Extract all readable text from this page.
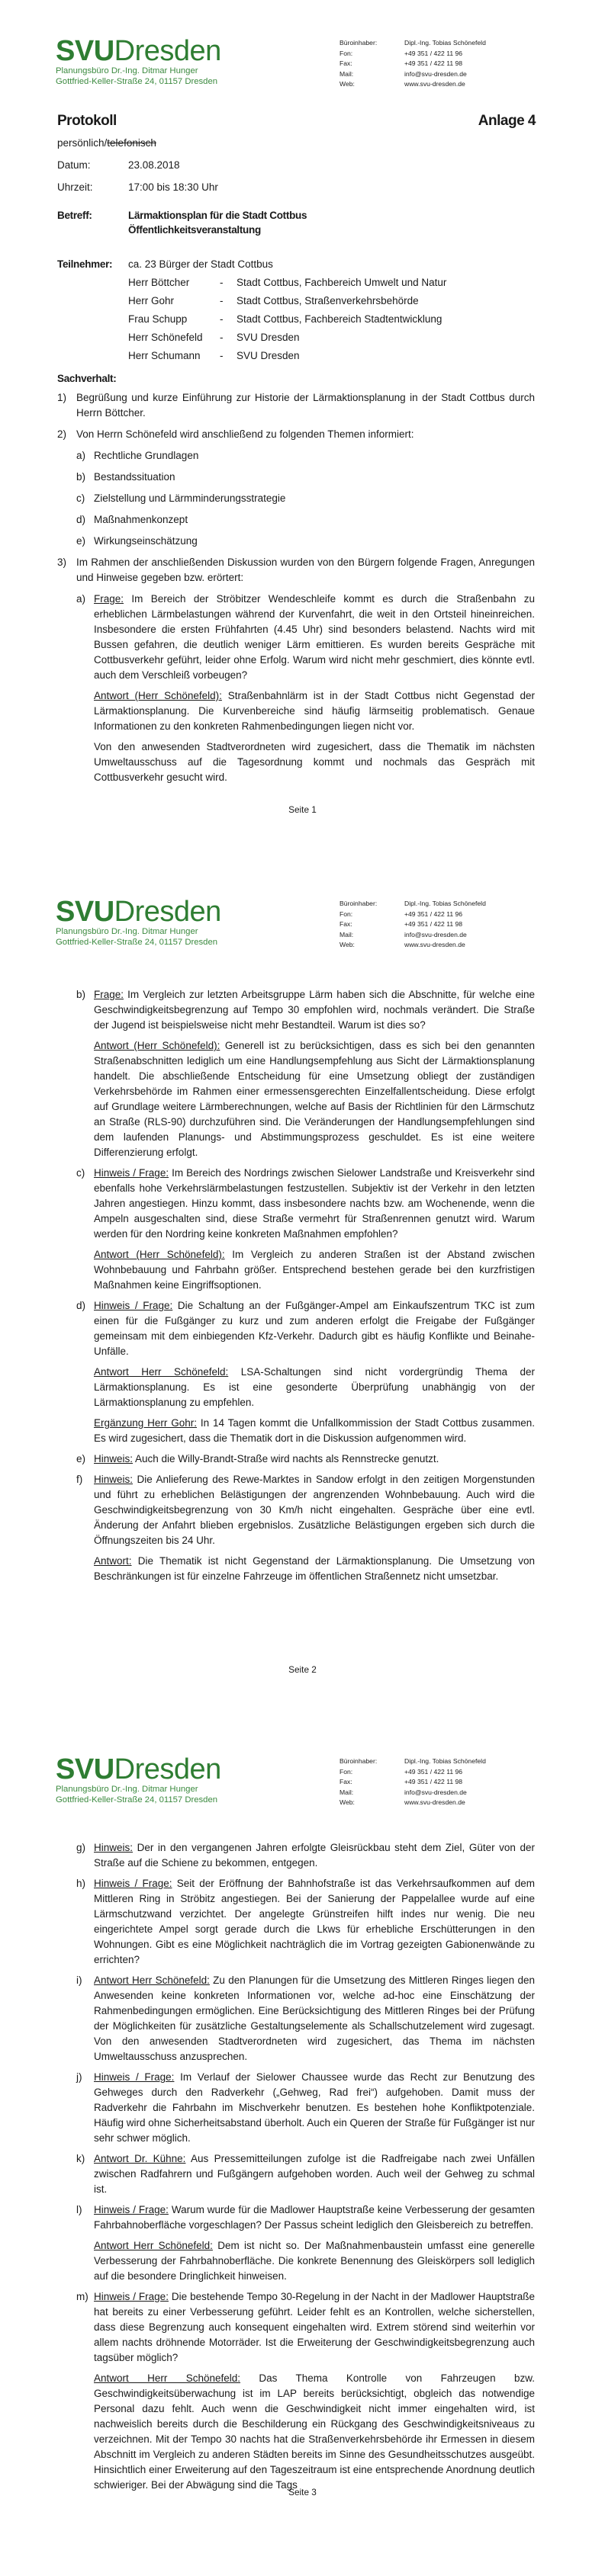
SVUDresden
Planungsbüro Dr.-Ing. Ditmar Hunger
Gottfried-Keller-Straße 24, 01157 Dresden
Büroinhaber:	Dipl.-Ing. Tobias Schönefeld
Fon:	+49 351 / 422 11 96
Fax:	+49 351 / 422 11 98
Mail:	info@svu-dresden.de
Web:	www.svu-dresden.de
Protokoll	Anlage 4
persönlich/telefonisch
Datum:	23.08.2018
Uhrzeit:	17:00 bis 18:30 Uhr
Betreff:	Lärmaktionsplan für die Stadt Cottbus
Öffentlichkeitsveranstaltung
Teilnehmer:	ca. 23 Bürger der Stadt Cottbus
Herr Böttcher	-	Stadt Cottbus, Fachbereich Umwelt und Natur
Herr Gohr	-	Stadt Cottbus, Straßenverkehrsbehörde
Frau Schupp	-	Stadt Cottbus, Fachbereich Stadtentwicklung
Herr Schönefeld	-	SVU Dresden
Herr Schumann	-	SVU Dresden
Sachverhalt:
1) Begrüßung und kurze Einführung zur Historie der Lärmaktionsplanung in der Stadt Cottbus durch Herrn Böttcher.
2) Von Herrn Schönefeld wird anschließend zu folgenden Themen informiert:
a) Rechtliche Grundlagen
b) Bestandssituation
c) Zielstellung und Lärmminderungsstrategie
d) Maßnahmenkonzept
e) Wirkungseinschätzung
3) Im Rahmen der anschließenden Diskussion wurden von den Bürgern folgende Fragen, Anregungen und Hinweise gegeben bzw. erörtert:
a) Frage: Im Bereich der Ströbitzer Wendeschleife kommt es durch die Straßenbahn zu erheblichen Lärmbelastungen während der Kurvenfahrt, die weit in den Ortsteil hineinreichen. Insbesondere die ersten Frühfahrten (4.45 Uhr) sind besonders belastend. Nachts wird mit Bussen gefahren, die deutlich weniger Lärm emittieren. Es wurden bereits Gespräche mit Cottbusverkehr geführt, leider ohne Erfolg. Warum wird nicht mehr geschmiert, dies könnte evtl. auch dem Verschleiß vorbeugen?

Antwort (Herr Schönefeld): Straßenbahnlärm ist in der Stadt Cottbus nicht Gegenstad der Lärmaktionsplanung. Die Kurvenbereiche sind häufig lärmseitig problematisch. Genaue Informationen zu den konkreten Rahmenbedingungen liegen nicht vor.

Von den anwesenden Stadtverordneten wird zugesichert, dass die Thematik im nächsten Umweltausschuss auf die Tagesordnung kommt und nochmals das Gespräch mit Cottbusverkehr gesucht wird.

Seite 1
SVUDresden
Planungsbüro Dr.-Ing. Ditmar Hunger
Gottfried-Keller-Straße 24, 01157 Dresden
Büroinhaber:	Dipl.-Ing. Tobias Schönefeld
Fon:	+49 351 / 422 11 96
Fax:	+49 351 / 422 11 98
Mail:	info@svu-dresden.de
Web:	www.svu-dresden.de
b) Frage: Im Vergleich zur letzten Arbeitsgruppe Lärm haben sich die Abschnitte, für welche eine Geschwindigkeitsbegrenzung auf Tempo 30 empfohlen wird, nochmals verändert. Die Straße der Jugend ist beispielsweise nicht mehr Bestandteil. Warum ist dies so?

Antwort (Herr Schönefeld): Generell ist zu berücksichtigen, dass es sich bei den genannten Straßenabschnitten lediglich um eine Handlungsempfehlung aus Sicht der Lärmaktionsplanung handelt. Die abschließende Entscheidung für eine Umsetzung obliegt der zuständigen Verkehrsbehörde im Rahmen einer ermessensgerechten Einzelfallentscheidung. Diese erfolgt auf Grundlage weitere Lärmberechnungen, welche auf Basis der Richtlinien für den Lärmschutz an Straße (RLS-90) durchzuführen sind. Die Veränderungen der Handlungsempfehlungen sind dem laufenden Planungs- und Abstimmungsprozess geschuldet. Es ist eine weitere Differenzierung erfolgt.

c) Hinweis / Frage: Im Bereich des Nordrings zwischen Sielower Landstraße und Kreisverkehr sind ebenfalls hohe Verkehrslärmbelastungen festzustellen. Subjektiv ist der Verkehr in den letzten Jahren angestiegen. Hinzu kommt, dass insbesondere nachts bzw. am Wochenende, wenn die Ampeln ausgeschalten sind, diese Straße vermehrt für Straßenrennen genutzt wird. Warum werden für den Nordring keine konkreten Maßnahmen empfohlen?

Antwort (Herr Schönefeld): Im Vergleich zu anderen Straßen ist der Abstand zwischen Wohnbebauung und Fahrbahn größer. Entsprechend bestehen gerade bei den kurzfristigen Maßnahmen keine Eingriffsoptionen.

d) Hinweis / Frage: Die Schaltung an der Fußgänger-Ampel am Einkaufszentrum TKC ist zum einen für die Fußgänger zu kurz und zum anderen erfolgt die Freigabe der Fußgänger gemeinsam mit dem einbiegenden Kfz-Verkehr. Dadurch gibt es häufig Konflikte und Beinahe-Unfälle.

Antwort Herr Schönefeld: LSA-Schaltungen sind nicht vordergründig Thema der Lärmaktionsplanung. Es ist eine gesonderte Überprüfung unabhängig von der Lärmaktionsplanung zu empfehlen.

Ergänzung Herr Gohr: In 14 Tagen kommt die Unfallkommission der Stadt Cottbus zusammen. Es wird zugesichert, dass die Thematik dort in die Diskussion aufgenommen wird.

e) Hinweis: Auch die Willy-Brandt-Straße wird nachts als Rennstrecke genutzt.

f)	Hinweis: Die Anlieferung des Rewe-Marktes in Sandow erfolgt in den zeitigen Morgenstunden und führt zu erheblichen Belästigungen der angrenzenden Wohnbebauung. Auch wird die Geschwindigkeitsbegrenzung von 30 Km/h nicht eingehalten. Gespräche über eine evtl. Änderung der Anfahrt blieben ergebnislos. Zusätzliche Belästigungen ergeben sich durch die Öffnungszeiten bis 24 Uhr.

Antwort: Die Thematik ist nicht Gegenstand der Lärmaktionsplanung. Die Umsetzung von Beschränkungen ist für einzelne Fahrzeuge im öffentlichen Straßennetz nicht umsetzbar.

Seite 2
SVUDresden
Planungsbüro Dr.-Ing. Ditmar Hunger
Gottfried-Keller-Straße 24, 01157 Dresden
Büroinhaber:	Dipl.-Ing. Tobias Schönefeld
Fon:	+49 351 / 422 11 96
Fax:	+49 351 / 422 11 98
Mail:	info@svu-dresden.de
Web:	www.svu-dresden.de
g) Hinweis: Der in den vergangenen Jahren erfolgte Gleisrückbau steht dem Ziel, Güter von der Straße auf die Schiene zu bekommen, entgegen.

h) Hinweis / Frage: Seit der Eröffnung der Bahnhofstraße ist das Verkehrsaufkommen auf dem Mittleren Ring in Ströbitz angestiegen. Bei der Sanierung der Pappelallee wurde auf eine Lärmschutzwand verzichtet. Der angelegte Grünstreifen hilft indes nur wenig. Die neu eingerichtete Ampel sorgt gerade durch die Lkws für erhebliche Erschütterungen in den Wohnungen. Gibt es eine Möglichkeit nachträglich die im Vortrag gezeigten Gabionenwände zu errichten?

i)	Antwort Herr Schönefeld: Zu den Planungen für die Umsetzung des Mittleren Ringes liegen den Anwesenden keine konkreten Informationen vor, welche ad-hoc eine Einschätzung der Rahmenbedingungen ermöglichen. Eine Berücksichtigung des Mittleren Ringes bei der Prüfung der Möglichkeiten für zusätzliche Gestaltungselemente als Schallschutzelement wird zugesagt. Von den anwesenden Stadtverordneten wird zugesichert, das Thema im nächsten Umweltausschuss anzusprechen.

j)	Hinweis / Frage: Im Verlauf der Sielower Chaussee wurde das Recht zur Benutzung des Gehweges durch den Radverkehr („Gehweg, Rad frei“) aufgehoben. Damit muss der Radverkehr die Fahrbahn im Mischverkehr benutzen. Es bestehen hohe Konfliktpotenziale. Häufig wird ohne Sicherheitsabstand überholt. Auch ein Queren der Straße für Fußgänger ist nur sehr schwer möglich.

k) Antwort Dr. Kühne: Aus Pressemitteilungen zufolge ist die Radfreigabe nach zwei Unfällen zwischen Radfahrern und Fußgängern aufgehoben worden. Auch weil der Gehweg zu schmal ist.

l)	Hinweis / Frage: Warum wurde für die Madlower Hauptstraße keine Verbesserung der gesamten Fahrbahnoberfläche vorgeschlagen? Der Passus scheint lediglich den Gleisbereich zu betreffen.

Antwort Herr Schönefeld: Dem ist nicht so. Der Maßnahmenbaustein umfasst eine generelle Verbesserung der Fahrbahnoberfläche. Die konkrete Benennung des Gleiskörpers soll lediglich auf die besondere Dringlichkeit hinweisen.

m) Hinweis / Frage: Die bestehende Tempo 30-Regelung in der Nacht in der Madlower Hauptstraße hat bereits zu einer Verbesserung geführt. Leider fehlt es an Kontrollen, welche sicherstellen, dass diese Begrenzung auch konsequent eingehalten wird. Extrem störend sind weiterhin vor allem nachts dröhnende Motorräder. Ist die Erweiterung der Geschwindigkeitsbegrenzung auch tagsüber möglich?

Antwort Herr Schönefeld: Das Thema Kontrolle von Fahrzeugen bzw. Geschwindigkeitsüberwachung ist im LAP bereits berücksichtigt, obgleich das notwendige Personal dazu fehlt. Auch wenn die Geschwindigkeit nicht immer eingehalten wird, ist nachweislich bereits durch die Beschilderung ein Rückgang des Geschwindigkeitsniveaus zu verzeichnen. Mit der Tempo 30 nachts hat die Straßenverkehrsbehörde ihr Ermessen in diesem Abschnitt im Vergleich zu anderen Städten bereits im Sinne des Gesundheitsschutzes ausgeübt. Hinsichtlich einer Erweiterung auf den Tageszeitraum ist eine entsprechende Anordnung deutlich schwieriger. Bei der Abwägung sind die Tags

Seite 3
